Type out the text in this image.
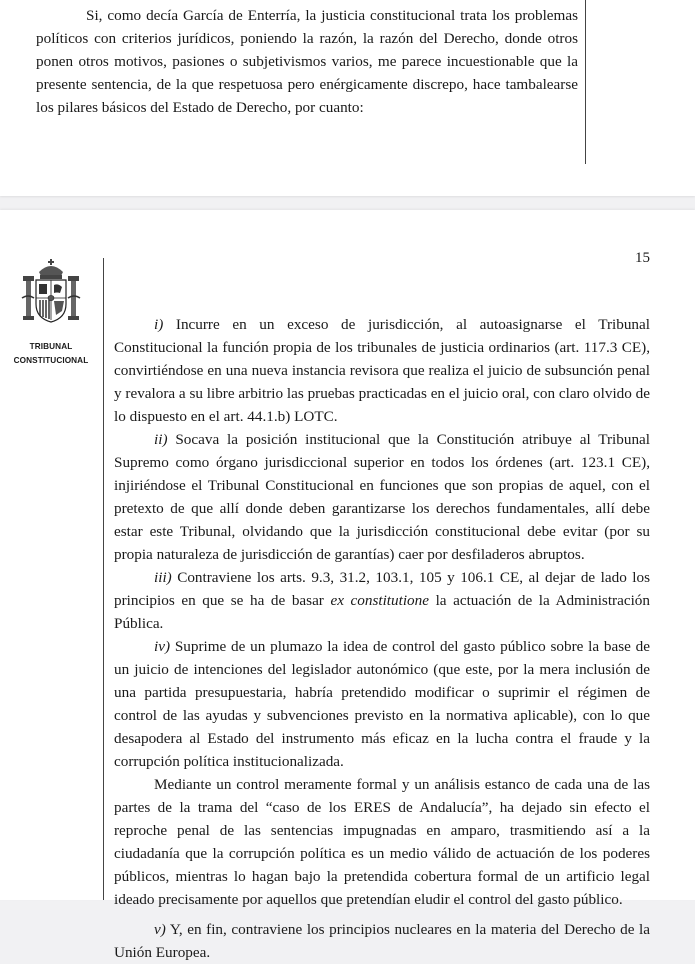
Si, como decía García de Enterría, la justicia constitucional trata los problemas políticos con criterios jurídicos, poniendo la razón, la razón del Derecho, donde otros ponen otros motivos, pasiones o subjetivismos varios, me parece incuestionable que la presente sentencia, de la que respetuosa pero enérgicamente discrepo, hace tambalearse los pilares básicos del Estado de Derecho, por cuanto:

15
TRIBUNAL
CONSTITUCIONAL

i) Incurre en un exceso de jurisdicción, al autoasignarse el Tribunal Constitucional la función propia de los tribunales de justicia ordinarios (art. 117.3 CE), convirtiéndose en una nueva instancia revisora que realiza el juicio de subsunción penal y revalora a su libre arbitrio las pruebas practicadas en el juicio oral, con claro olvido de lo dispuesto en el art. 44.1.b) LOTC.

ii) Socava la posición institucional que la Constitución atribuye al Tribunal Supremo como órgano jurisdiccional superior en todos los órdenes (art. 123.1 CE), injiriéndose el Tribunal Constitucional en funciones que son propias de aquel, con el pretexto de que allí donde deben garantizarse los derechos fundamentales, allí debe estar este Tribunal, olvidando que la jurisdicción constitucional debe evitar (por su propia naturaleza de jurisdicción de garantías) caer por desfiladeros abruptos.

iii) Contraviene los arts. 9.3, 31.2, 103.1, 105 y 106.1 CE, al dejar de lado los principios en que se ha de basar ex constitutione la actuación de la Administración Pública.

iv) Suprime de un plumazo la idea de control del gasto público sobre la base de un juicio de intenciones del legislador autonómico (que este, por la mera inclusión de una partida presupuestaria, habría pretendido modificar o suprimir el régimen de control de las ayudas y subvenciones previsto en la normativa aplicable), con lo que desapodera al Estado del instrumento más eficaz en la lucha contra el fraude y la corrupción política institucionalizada.

Mediante un control meramente formal y un análisis estanco de cada una de las partes de la trama del “caso de los ERES de Andalucía”, ha dejado sin efecto el reproche penal de las sentencias impugnadas en amparo, trasmitiendo así a la ciudadanía que la corrupción política es un medio válido de actuación de los poderes públicos, mientras lo hagan bajo la pretendida cobertura formal de un artificio legal ideado precisamente por aquellos que pretendían eludir el control del gasto público.

v) Y, en fin, contraviene los principios nucleares en la materia del Derecho de la Unión Europea.
